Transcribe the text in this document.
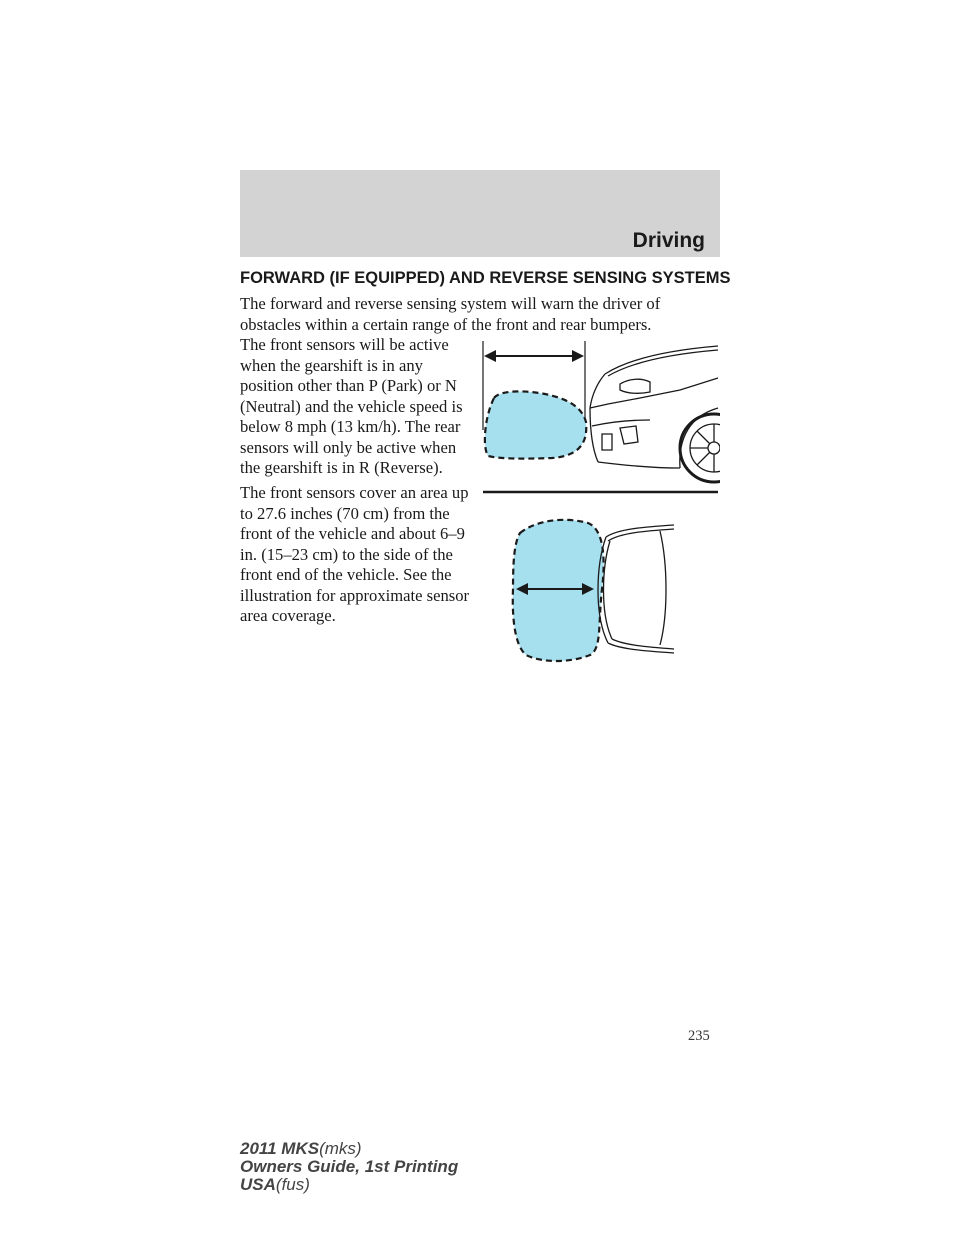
Driving
FORWARD (IF EQUIPPED) AND REVERSE SENSING SYSTEMS

The forward and reverse sensing system will warn the driver of obstacles within a certain range of the front and rear bumpers.

The front sensors will be active when the gearshift is in any position other than P (Park) or N (Neutral) and the vehicle speed is below 8 mph (13 km/h). The rear sensors will only be active when the gearshift is in R (Reverse).

The front sensors cover an area up to 27.6 inches (70 cm) from the front of the vehicle and about 6–9 in. (15–23 cm) to the side of the front end of the vehicle. See the illustration for approximate sensor area coverage.

235
2011 MKS(mks)
Owners Guide, 1st Printing
USA(fus)
